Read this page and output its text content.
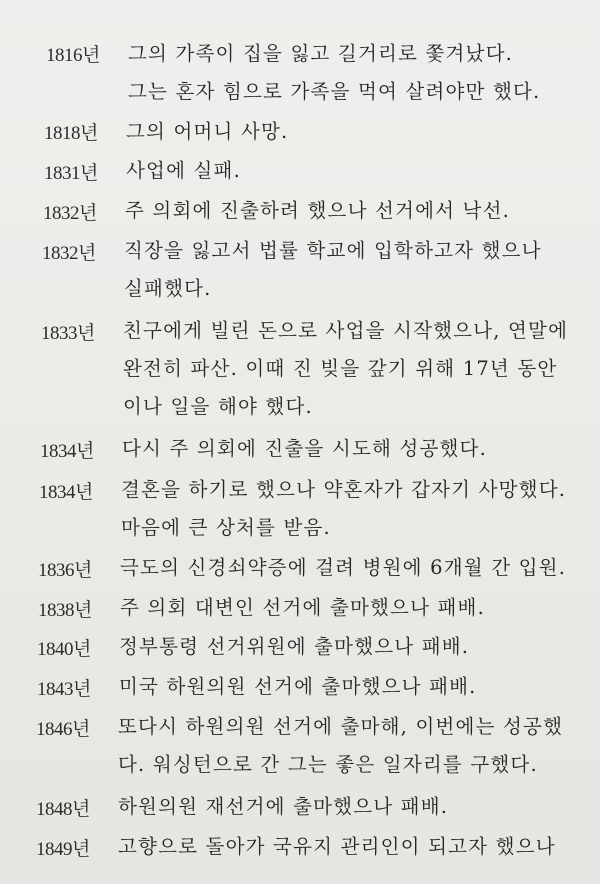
1816년	그의 가족이 집을 잃고 길거리로 쫓겨났다.
그는 혼자 힘으로 가족을 먹여 살려야만 했다.
1818년	그의 어머니 사망.
1831년	사업에 실패.
1832년	주 의회에 진출하려 했으나 선거에서 낙선.
1832년	직장을 잃고서 법률 학교에 입학하고자 했으나
실패했다.
1833년	친구에게 빌린 돈으로 사업을 시작했으나, 연말에
완전히 파산. 이때 진 빚을 갚기 위해 17년 동안
이나 일을 해야 했다.
1834년	다시 주 의회에 진출을 시도해 성공했다.
1834년	결혼을 하기로 했으나 약혼자가 갑자기 사망했다.
마음에 큰 상처를 받음.
1836년	극도의 신경쇠약증에 걸려 병원에 6개월 간 입원.
1838년	주 의회 대변인 선거에 출마했으나 패배.
1840년	정부통령 선거위원에 출마했으나 패배.
1843년	미국 하원의원 선거에 출마했으나 패배.
1846년	또다시 하원의원 선거에 출마해, 이번에는 성공했
다. 워싱턴으로 간 그는 좋은 일자리를 구했다.
1848년	하원의원 재선거에 출마했으나 패배.
1849년	고향으로 돌아가 국유지 관리인이 되고자 했으나
